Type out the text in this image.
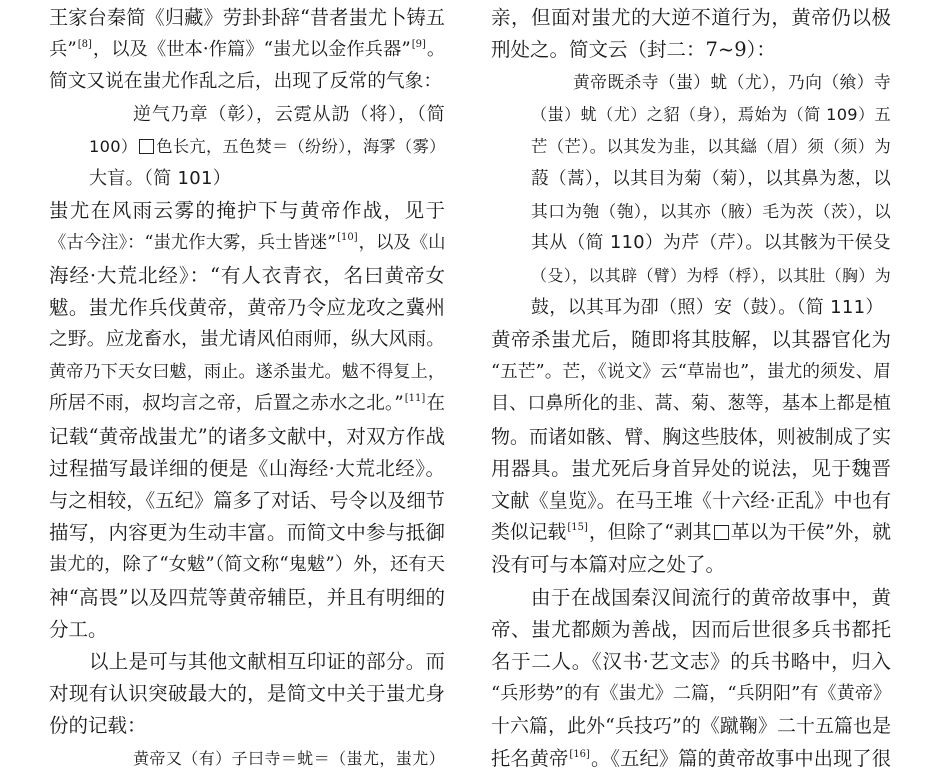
王家台秦简《归藏》劳卦卦辞“昔者蚩尤卜铸五
兵”[8]，以及《世本·作篇》“蚩尤以金作兵器”[9]。
简文又说在蚩尤作乱之后，出现了反常的气象：
逆气乃章（彰），云霓从䚮（将），（简
100） 色长亢，五色焚＝（纷纷），海雺（雾）
大盲。（简 101）
蚩尤在风雨云雾的掩护下与黄帝作战，见于
《古今注》：“蚩尤作大雾，兵士皆迷”[10]，以及《山
海经·大荒北经》：“有人衣青衣，名曰黄帝女
魃。蚩尤作兵伐黄帝，黄帝乃令应龙攻之冀州
之野。应龙畜水，蚩尤请风伯雨师，纵大风雨。
黄帝乃下天女曰魃，雨止。遂杀蚩尤。魃不得复上，
所居不雨，叔均言之帝，后置之赤水之北。”[11]在
记载“黄帝战蚩尤”的诸多文献中，对双方作战
过程描写最详细的便是《山海经·大荒北经》。
与之相较，《五纪》篇多了对话、号令以及细节
描写，内容更为生动丰富。而简文中参与抵御
蚩尤的，除了“女魃”（简文称“鬼魃”）外，还有天
神“高畏”以及四荒等黄帝辅臣，并且有明细的
分工。
以上是可与其他文献相互印证的部分。而
对现有认识突破最大的，是简文中关于蚩尤身
份的记载：
黄帝又（有）子曰寺＝蚘＝（蚩尤，蚩尤）
亲，但面对蚩尤的大逆不道行为，黄帝仍以极
刑处之。简文云（封二：7~9）：
黄帝既杀寺（蚩）蚘（尤），乃向（飨）寺
（蚩）蚘（尤）之貂（身），焉始为（简 109）五
芒（芒）。以其发为韭，以其䜌（眉）须（须）为
蔎（蒿），以其目为菊（菊），以其鼻为葱，以
其口为匏（匏），以其亦（腋）毛为茨（茨），以
其从（简 110）为芹（芹）。以其骸为干侯殳
（殳），以其辟（臂）为桴（桴），以其肚（胸）为
鼓，以其耳为卲（照）安（鼓）。（简 111）
黄帝杀蚩尤后，随即将其肢解，以其器官化为
“五芒”。芒，《说文》云“草耑也”，蚩尤的须发、眉
目、口鼻所化的韭、蒿、菊、葱等，基本上都是植
物。而诸如骸、臂、胸这些肢体，则被制成了实
用器具。蚩尤死后身首异处的说法，见于魏晋
文献《皇览》。在马王堆《十六经·正乱》中也有
类似记载[15]，但除了“剥其 革以为干侯”外，就
没有可与本篇对应之处了。
由于在战国秦汉间流行的黄帝故事中，黄
帝、蚩尤都颇为善战，因而后世很多兵书都托
名于二人。《汉书·艺文志》的兵书略中，归入
“兵形势”的有《蚩尤》二篇，“兵阴阳”有《黄帝》
十六篇，此外“兵技巧”的《蹴鞠》二十五篇也是
托名黄帝[16]。《五纪》篇的黄帝故事中出现了很
